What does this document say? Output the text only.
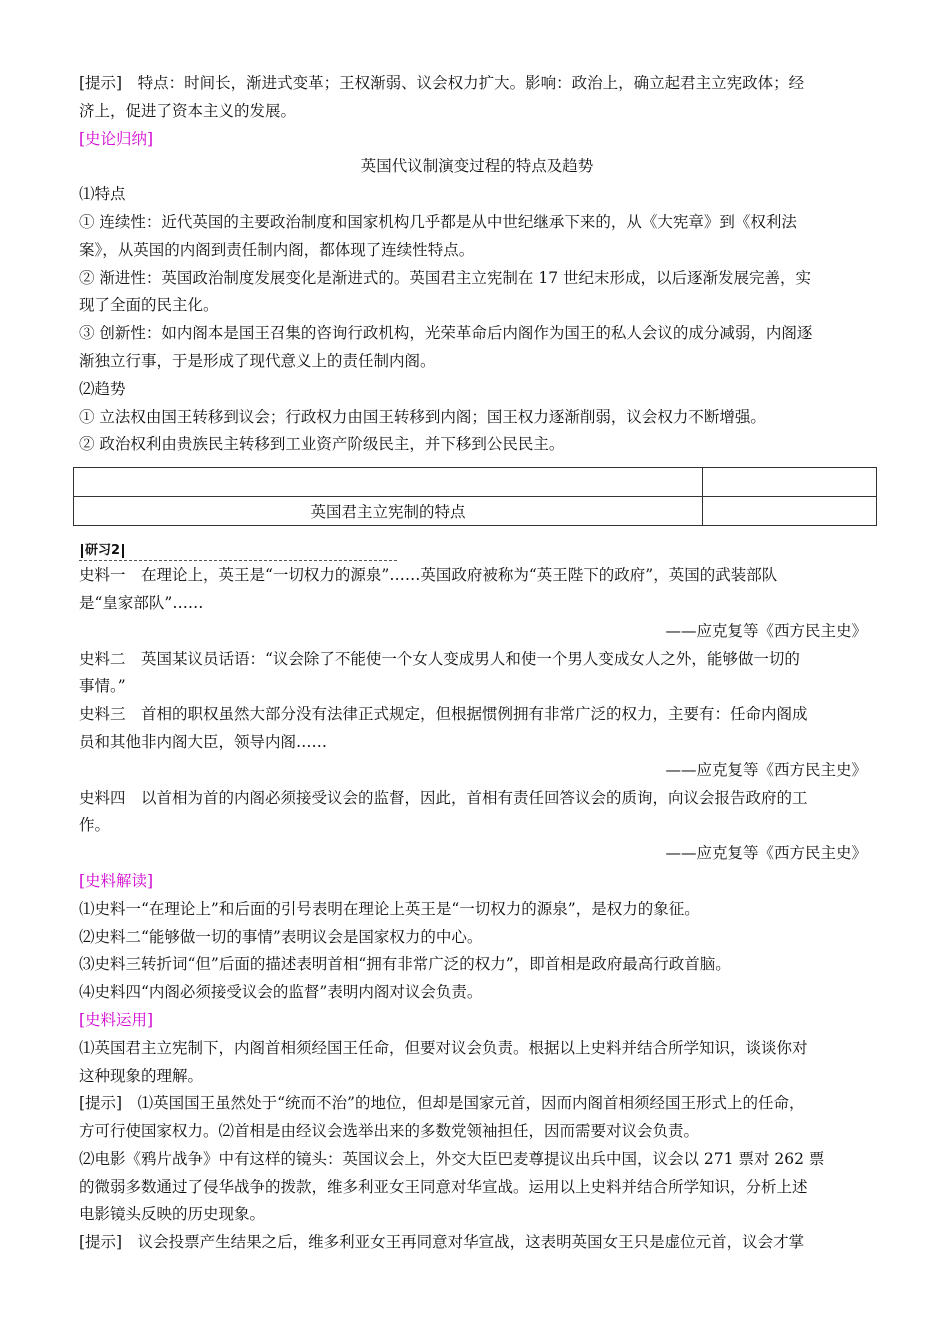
[提示]　 特点：时间长，渐进式变革；王权渐弱、议会权力扩大。影响：政治上，确立起君主立宪政体；经

济上，促进了资本主义的发展。

[史论归纳]

英国代议制演变过程的特点及趋势

⑴特点

① 连续性：近代英国的主要政治制度和国家机构几乎都是从中世纪继承下来的，从《大宪章》到《权利法

案》，从英国的内阁到责任制内阁，都体现了连续性特点。

② 渐进性：英国政治制度发展变化是渐进式的。英国君主立宪制在 17 世纪末形成，以后逐渐发展完善，实

现了全面的民主化。

③ 创新性：如内阁本是国王召集的咨询行政机构，光荣革命后内阁作为国王的私人会议的成分减弱，内阁逐

渐独立行事，于是形成了现代意义上的责任制内阁。

⑵趋势

① 立法权由国王转移到议会；行政权力由国王转移到内阁；国王权力逐渐削弱，议会权力不断增强。

② 政治权利由贵族民主转移到工业资产阶级民主，并下移到公民民主。

英国君主立宪制的特点	
研习2

史料一　在理论上，英王是“一切权力的源泉”……英国政府被称为“英王陛下的政府”，英国的武装部队

是“皇家部队”……

——应克复等《西方民主史》

史料二　英国某议员话语：“议会除了不能使一个女人变成男人和使一个男人变成女人之外，能够做一切的

事情。”

史料三　首相的职权虽然大部分没有法律正式规定，但根据惯例拥有非常广泛的权力，主要有：任命内阁成

员和其他非内阁大臣，领导内阁……

——应克复等《西方民主史》

史料四　以首相为首的内阁必须接受议会的监督，因此，首相有责任回答议会的质询，向议会报告政府的工

作。

——应克复等《西方民主史》

[史料解读]

⑴史料一“在理论上”和后面的引号表明在理论上英王是“一切权力的源泉”，是权力的象征。

⑵史料二“能够做一切的事情”表明议会是国家权力的中心。

⑶史料三转折词“但”后面的描述表明首相“拥有非常广泛的权力”，即首相是政府最高行政首脑。

⑷史料四“内阁必须接受议会的监督”表明内阁对议会负责。

[史料运用]

⑴英国君主立宪制下，内阁首相须经国王任命，但要对议会负责。根据以上史料并结合所学知识，谈谈你对

这种现象的理解。

[提示]　 ⑴英国国王虽然处于“统而不治”的地位，但却是国家元首，因而内阁首相须经国王形式上的任命，

方可行使国家权力。⑵首相是由经议会选举出来的多数党领袖担任，因而需要对议会负责。

⑵电影《鸦片战争》中有这样的镜头：英国议会上，外交大臣巴麦尊提议出兵中国，议会以 271 票对 262 票

的微弱多数通过了侵华战争的拨款，维多利亚女王同意对华宣战。运用以上史料并结合所学知识，分析上述

电影镜头反映的历史现象。

[提示]　 议会投票产生结果之后，维多利亚女王再同意对华宣战，这表明英国女王只是虚位元首，议会才掌
